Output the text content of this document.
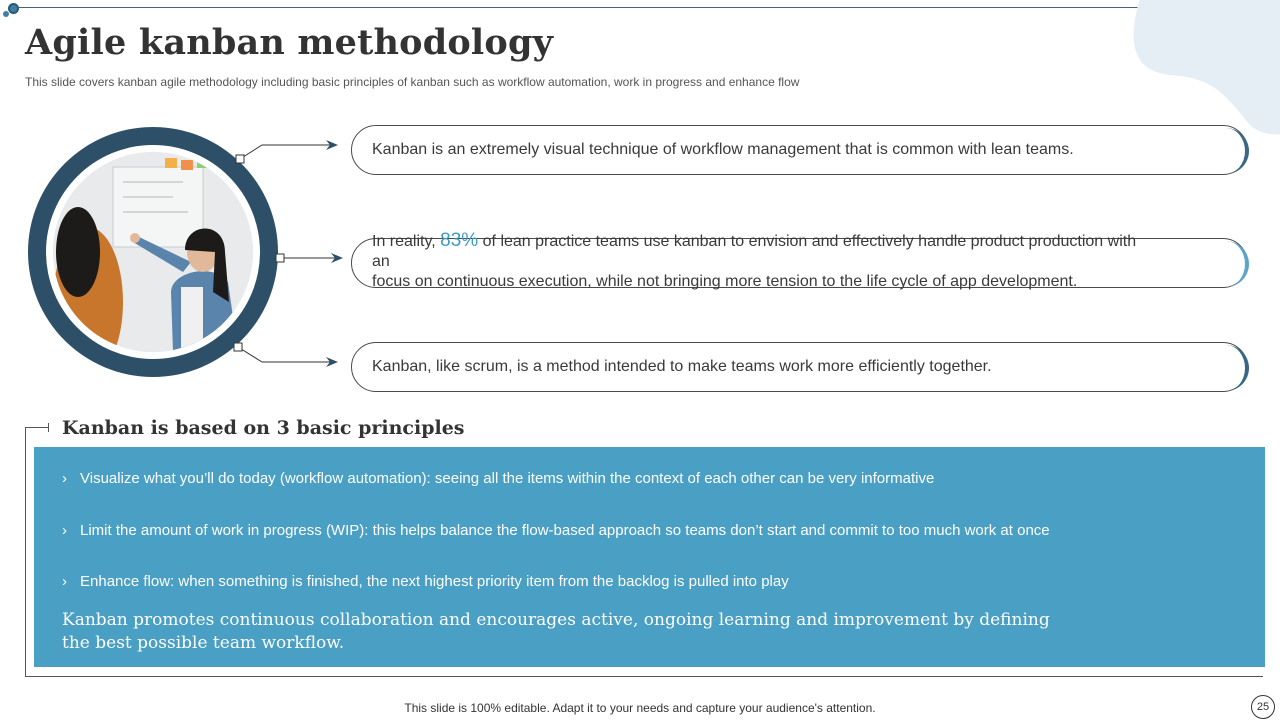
Agile kanban methodology

This slide covers kanban agile methodology including basic principles of kanban such as workflow automation, work in progress and enhance flow

Kanban is an extremely visual technique of workflow management that is common with lean teams.
In reality, 83% of lean practice teams use kanban to envision and effectively handle product production with an
focus on continuous execution, while not bringing more tension to the life cycle of app development.
Kanban, like scrum, is a method intended to make teams work more efficiently together.
Kanban is based on 3 basic principles
› Visualize what you’ll do today (workflow automation): seeing all the items within the context of each other can be very informative
› Limit the amount of work in progress (WIP): this helps balance the flow-based approach so teams don’t start and commit to too much work at once
› Enhance flow: when something is finished, the next highest priority item from the backlog is pulled into play
Kanban promotes continuous collaboration and encourages active, ongoing learning and improvement by defining
the best possible team workflow.
This slide is 100% editable. Adapt it to your needs and capture your audience's attention.	25
